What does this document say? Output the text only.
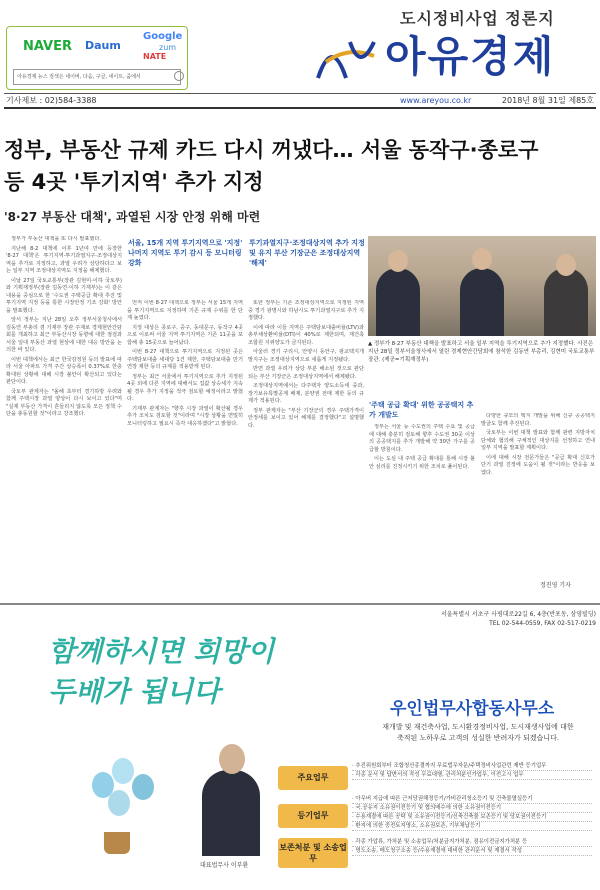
NAVER Daum
Google
zum
NATE
아유경제 뉴스 검색은 네이버, 다음, 구글, 네이트, 줌에서
도시정비사업 정론지
아유경제
기사제보 : 02)584-3388	www.areyou.co.kr	2018년 8월 31일 제85호
정부, 부동산 규제 카드 다시 꺼냈다… 서울 동작구·종로구
등 4곳 '투기지역' 추가 지정
'8·27 부동산 대책', 과열된 시장 안정 위해 마련
서울, 15개 지역 투기지역으로 '지정' 나머지 지역도 투기 감시 등 모니터링 강화
투기과열지구·조정대상지역 추가 지정 및 유지 부산 기장군은 조정대상지역 '해제'

정부가 부동산 대책을 또 다시 발표했다.

지난해 8·2 대책에 이후 1년여 만에 등장한 '8·27 대책'은 투기지역·투기과열지구·조정대상지역을 추가로 지정하고, 과열 우려가 상당하다고 보는 일부 지역 조정대상지역도 지정을 해제했다.

이날 27일 국토교통부(장관 김현미·이하 국토부)와 기획재정부(장관 김동연·이하 기재부)는 이 같은 내용을 중심으로 한 '수도권 주택공급 확대 추진 및 투기지역 지정 등을 통한 시장안정 기조 강화' 방안을 발표했다.

앞서 정부는 지난 28일 오후 정부서울청사에서 김동연 부총리 겸 기재부 장관 주재로 경제현안간담회를 개최하고 최근 부동산시장 동향에 대한 점검과 서울 일대 부동산 과열 현상에 대한 대응 방안을 논의한 바 있다.

이번 대책에서는 최근 한국감정원 등의 발표에 따라 서울 아파트 가격 주간 상승폭이 0.37%로 한층 확대된 상황에 대해 시장 불안이 확산되고 있다는 판단이다.

국토부 관계자는 "올해 초부터 경기하방 우려와 함께 주택시장 과열 양상이 다시 보이고 있다"며 "실제 부동산 가격이 흔들리지 않도록 모든 정책 수단을 총동원할 것"이라고 강조했다.

먼저 이번 8·27 대책으로 정부는 서울 15개 지역을 투기지역으로 지정하며 기존 규제 수위를 한 단계 높였다.

지정 대상은 종로구, 중구, 동대문구, 동작구 4곳으로 이로써 서울 지역 투기지역은 기존 11곳을 포함해 총 15곳으로 늘어났다.

이번 8·27 대책으로 투기지역으로 지정된 곳은 주택담보대출 세대당 1건 제한, 주택담보대출 만기 연장 제한 등의 규제를 적용받게 된다.

정부는 최근 서울에서 투기지역으로 추가 지정된 4곳 외에 다른 지역에 대해서도 집값 상승세가 지속될 경우 추가 지정을 적극 검토할 예정이라고 밝혔다.

기재부 관계자는 "향후 시장 과열이 확산될 경우 추가 조치도 검토할 것"이라며 "시장 상황을 면밀히 모니터링하고 필요시 즉각 대응하겠다"고 밝혔다.

또한 정부는 기존 조정대상지역으로 지정된 지역 중 경기 광명시와 하남시도 투기과열지구로 추가 지정했다.

이에 따라 이들 지역은 주택담보대출비율(LTV)과 총부채상환비율(DTI)이 40%로 제한되며, 재건축 조합원 지위양도가 금지된다.

아울러 경기 구리시, 안양시 동안구, 광교택지개발지구는 조정대상지역으로 새롭게 지정됐다.

반면 과열 우려가 상당 부분 해소된 것으로 판단되는 부산 기장군은 조정대상지역에서 해제됐다.

조정대상지역에서는 다주택자 양도소득세 중과, 장기보유특별공제 배제, 분양권 전매 제한 등의 규제가 적용된다.

정부 관계자는 "부산 기장군의 경우 주택가격이 안정세를 보이고 있어 해제를 결정했다"고 설명했다.

▲ 정부가 8·27 부동산 대책을 발표하고 서울 일부 지역을 투기지역으로 추가 지정했다. 사진은 지난 28일 정부서울청사에서 열린 경제현안간담회에 참석한 김동연 부총리, 김현미 국토교통부 장관. (제공=기획재정부)
'주택 공급 확대' 위한 공공택지 추가 개발도

정부는 서울 등 수도권의 주택 수요 및 공급에 대해 충분히 검토해 향후 수도권 30곳 이상의 공공택지를 추가 개발해 약 30만 가구를 공급할 방침이다.

이는 도심 내 주택 공급 확대를 통해 시장 불안 심리를 진정시키기 위한 조치로 풀이된다.

다양한 규모의 택지 개발을 위해 신규 공공택지 발굴도 함께 추진된다.

국토부는 이번 대책 발표와 함께 관련 지방자치단체와 협의해 구체적인 대상지를 선정하고 연내 일부 지역을 발표할 계획이다.

이에 대해 시장 전문가들은 "공급 확대 신호가 단기 과열 진정에 도움이 될 것"이라는 반응을 보였다.

정진영 기자
서울특별시 서초구 사평대로22길 6, 4층(반포동, 삼영빌딩)
TEL 02-544-0559, FAX 02-517-0219
함께하시면 희망이 두배가 됩니다
우인법무사합동사무소
재개발 및 재건축사업, 도시환경정비사업, 도시재생사업에 대한
축적된 노하우로 고객의 성실한 반려자가 되겠습니다.
대표법무사 이부환
주요업무
등기업무
보존처분 및 소송업무
· 추진위원회부터 조합청산종결까지 무료법무자문/주택정비사업관련 제반 등기업무
· 각종 문서 및 답변서의 작성 무료대행, 관리처분인가업무, 이전고시 업무
· 아무버 지급에 따른 근저당권해정등기/가비관리청소등기 및 건축물멸실등기
· 국.공유지 소유권이전등기 및 협의매수에 의한 소유권이전등기
· 수용재결에 따른 공탁 및 소유권이전등기/신축건축물 보존등기 및 당보권이전등기
· 환지에 의한 중전토지명소, 소유권보존, 기부채납등기
· 각종 가압류, 가처분 및 소송업무/처분금지가처분, 점유이전금지가처분 등
· 명도소송, 매도청구소송 등/수용재결에 대비한 관리문서 및 재결서 작성
